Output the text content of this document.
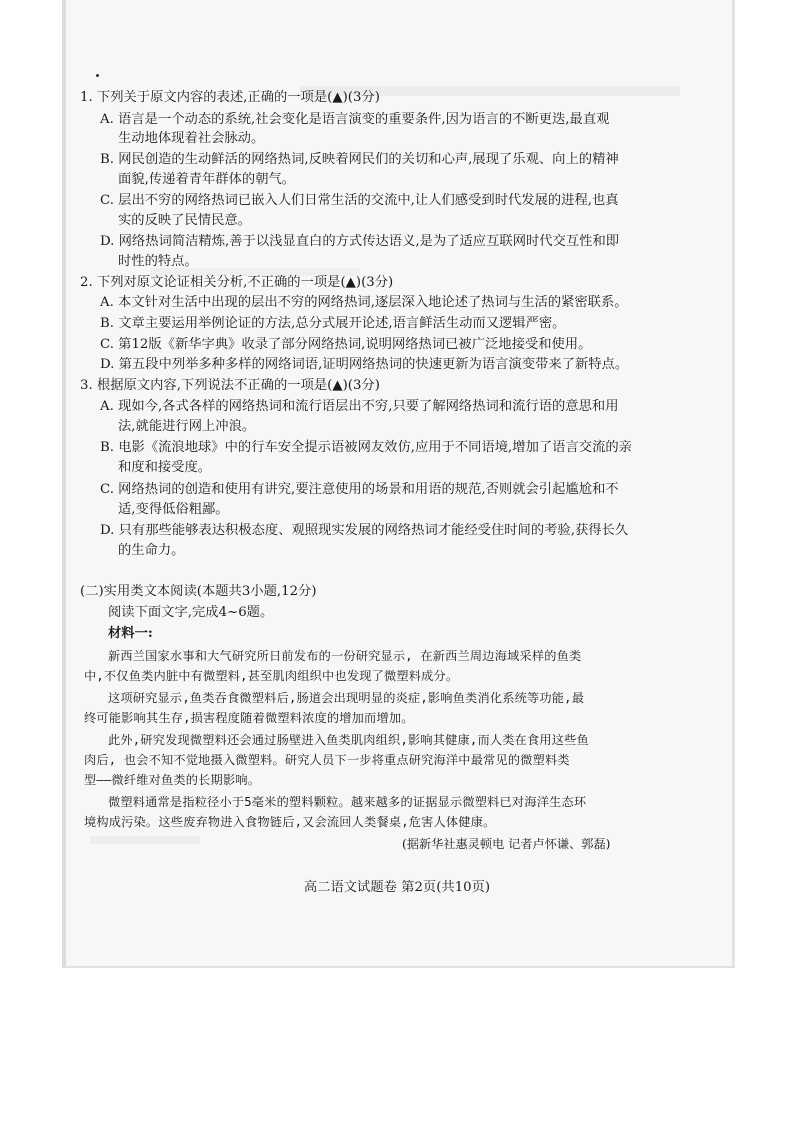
1. 下列关于原文内容的表述,正确的一项是(▲)(3分)
A. 语言是一个动态的系统,社会变化是语言演变的重要条件,因为语言的不断更迭,最直观
生动地体现着社会脉动。
B. 网民创造的生动鲜活的网络热词,反映着网民们的关切和心声,展现了乐观、向上的精神
面貌,传递着青年群体的朝气。
C. 层出不穷的网络热词已嵌入人们日常生活的交流中,让人们感受到时代发展的进程,也真
实的反映了民情民意。
D. 网络热词简洁精炼,善于以浅显直白的方式传达语义,是为了适应互联网时代交互性和即
时性的特点。
2. 下列对原文论证相关分析,不正确的一项是(▲)(3分)
A. 本文针对生活中出现的层出不穷的网络热词,逐层深入地论述了热词与生活的紧密联系。
B. 文章主要运用举例论证的方法,总分式展开论述,语言鲜活生动而又逻辑严密。
C. 第12版《新华字典》收录了部分网络热词,说明网络热词已被广泛地接受和使用。
D. 第五段中列举多种多样的网络词语,证明网络热词的快速更新为语言演变带来了新特点。
3. 根据原文内容,下列说法不正确的一项是(▲)(3分)
A. 现如今,各式各样的网络热词和流行语层出不穷,只要了解网络热词和流行语的意思和用
法,就能进行网上冲浪。
B. 电影《流浪地球》中的行车安全提示语被网友效仿,应用于不同语境,增加了语言交流的亲
和度和接受度。
C. 网络热词的创造和使用有讲究,要注意使用的场景和用语的规范,否则就会引起尴尬和不
适,变得低俗粗鄙。
D. 只有那些能够表达积极态度、观照现实发展的网络热词才能经受住时间的考验,获得长久
的生命力。
(二)实用类文本阅读(本题共3小题,12分)
阅读下面文字,完成4~6题。
材料一:
新西兰国家水事和大气研究所日前发布的一份研究显示, 在新西兰周边海域采样的鱼类
中,不仅鱼类内脏中有微塑料,甚至肌肉组织中也发现了微塑料成分。
这项研究显示,鱼类吞食微塑料后,肠道会出现明显的炎症,影响鱼类消化系统等功能,最
终可能影响其生存,损害程度随着微塑料浓度的增加而增加。
此外,研究发现微塑料还会通过肠壁进入鱼类肌肉组织,影响其健康,而人类在食用这些鱼
肉后, 也会不知不觉地摄入微塑料。研究人员下一步将重点研究海洋中最常见的微塑料类
型——微纤维对鱼类的长期影响。
微塑料通常是指粒径小于5毫米的塑料颗粒。越来越多的证据显示微塑料已对海洋生态环
境构成污染。这些废弃物进入食物链后,又会流回人类餐桌,危害人体健康。
(据新华社惠灵顿电 记者卢怀谦、郭磊)
高二语文试题卷 第2页(共10页)
